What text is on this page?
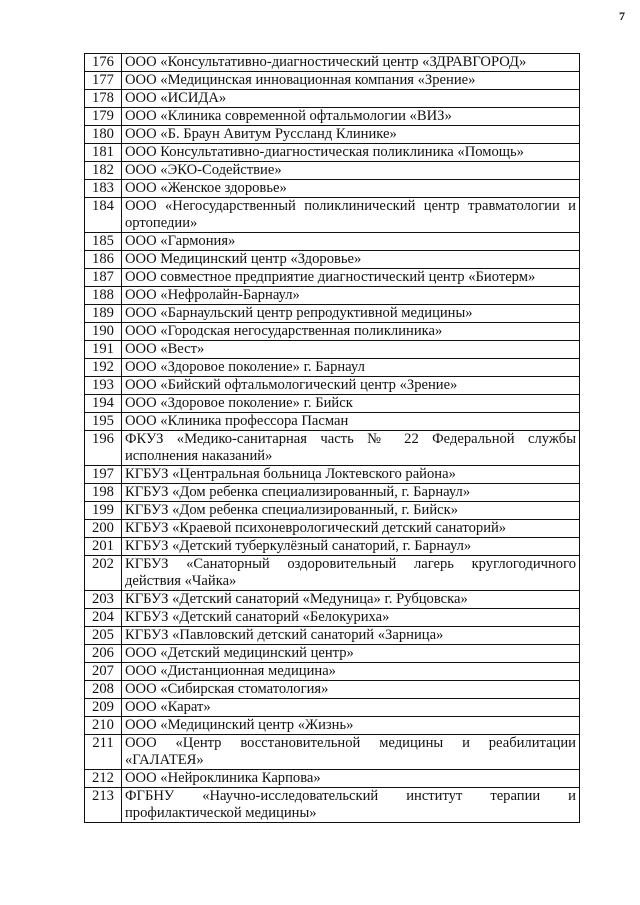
7
176	ООО «Консультативно-диагностический центр «ЗДРАВГОРОД»
177	ООО «Медицинская инновационная компания «Зрение»
178	ООО «ИСИДА»
179	ООО «Клиника современной офтальмологии «ВИЗ»
180	ООО «Б. Браун Авитум Руссланд Клинике»
181	ООО Консультативно-диагностическая поликлиника «Помощь»
182	ООО «ЭКО-Содействие»
183	ООО «Женское здоровье»
184	ООО «Негосударственный поликлинический центр травматологии и ортопедии»
185	ООО «Гармония»
186	ООО Медицинский центр «Здоровье»
187	ООО совместное предприятие диагностический центр «Биотерм»
188	ООО «Нефролайн-Барнаул»
189	ООО «Барнаульский центр репродуктивной медицины»
190	ООО «Городская негосударственная поликлиника»
191	ООО «Вест»
192	ООО «Здоровое поколение» г. Барнаул
193	ООО «Бийский офтальмологический центр «Зрение»
194	ООО «Здоровое поколение» г. Бийск
195	ООО «Клиника профессора Пасман
196	ФКУЗ «Медико-санитарная часть № 22 Федеральной службы исполнения наказаний»
197	КГБУЗ «Центральная больница Локтевского района»
198	КГБУЗ «Дом ребенка специализированный, г. Барнаул»
199	КГБУЗ «Дом ребенка специализированный, г. Бийск»
200	КГБУЗ «Краевой психоневрологический детский санаторий»
201	КГБУЗ «Детский туберкулёзный санаторий, г. Барнаул»
202	КГБУЗ «Санаторный оздоровительный лагерь круглогодичного действия «Чайка»
203	КГБУЗ «Детский санаторий «Медуница» г. Рубцовска»
204	КГБУЗ «Детский санаторий «Белокуриха»
205	КГБУЗ «Павловский детский санаторий «Зарница»
206	ООО «Детский медицинский центр»
207	ООО «Дистанционная медицина»
208	ООО «Сибирская стоматология»
209	ООО «Карат»
210	ООО «Медицинский центр «Жизнь»
211	ООО «Центр восстановительной медицины и реабилитации «ГАЛАТЕЯ»
212	ООО «Нейроклиника Карпова»
213	ФГБНУ «Научно-исследовательский институт терапии и профилактической медицины»
